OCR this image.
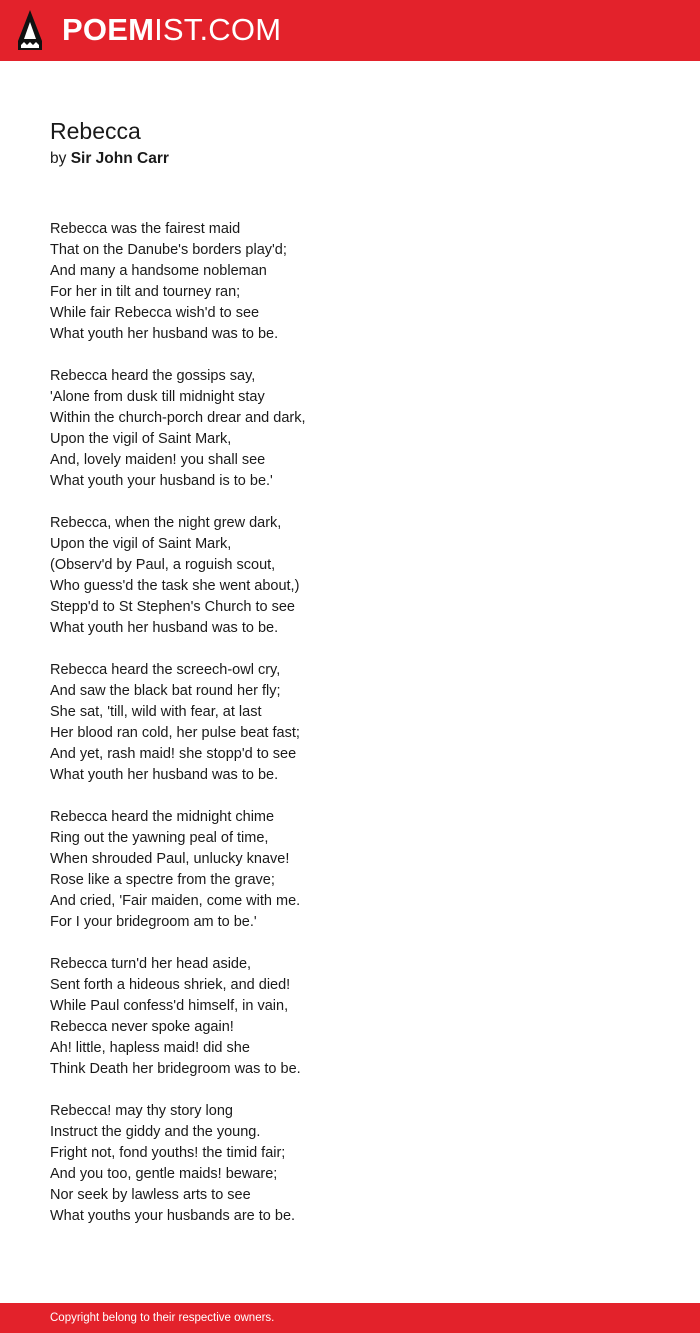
POEMIST.COM
Rebecca
by Sir John Carr
Rebecca was the fairest maid
That on the Danube's borders play'd;
And many a handsome nobleman
For her in tilt and tourney ran;
While fair Rebecca wish'd to see
What youth her husband was to be.
Rebecca heard the gossips say,
'Alone from dusk till midnight stay
Within the church-porch drear and dark,
Upon the vigil of Saint Mark,
And, lovely maiden! you shall see
What youth your husband is to be.'
Rebecca, when the night grew dark,
Upon the vigil of Saint Mark,
(Observ'd by Paul, a roguish scout,
Who guess'd the task she went about,)
Stepp'd to St Stephen's Church to see
What youth her husband was to be.
Rebecca heard the screech-owl cry,
And saw the black bat round her fly;
She sat, 'till, wild with fear, at last
Her blood ran cold, her pulse beat fast;
And yet, rash maid! she stopp'd to see
What youth her husband was to be.
Rebecca heard the midnight chime
Ring out the yawning peal of time,
When shrouded Paul, unlucky knave!
Rose like a spectre from the grave;
And cried, 'Fair maiden, come with me.
For I your bridegroom am to be.'
Rebecca turn'd her head aside,
Sent forth a hideous shriek, and died!
While Paul confess'd himself, in vain,
Rebecca never spoke again!
Ah! little, hapless maid! did she
Think Death her bridegroom was to be.
Rebecca! may thy story long
Instruct the giddy and the young.
Fright not, fond youths! the timid fair;
And you too, gentle maids! beware;
Nor seek by lawless arts to see
What youths your husbands are to be.
Copyright belong to their respective owners.
